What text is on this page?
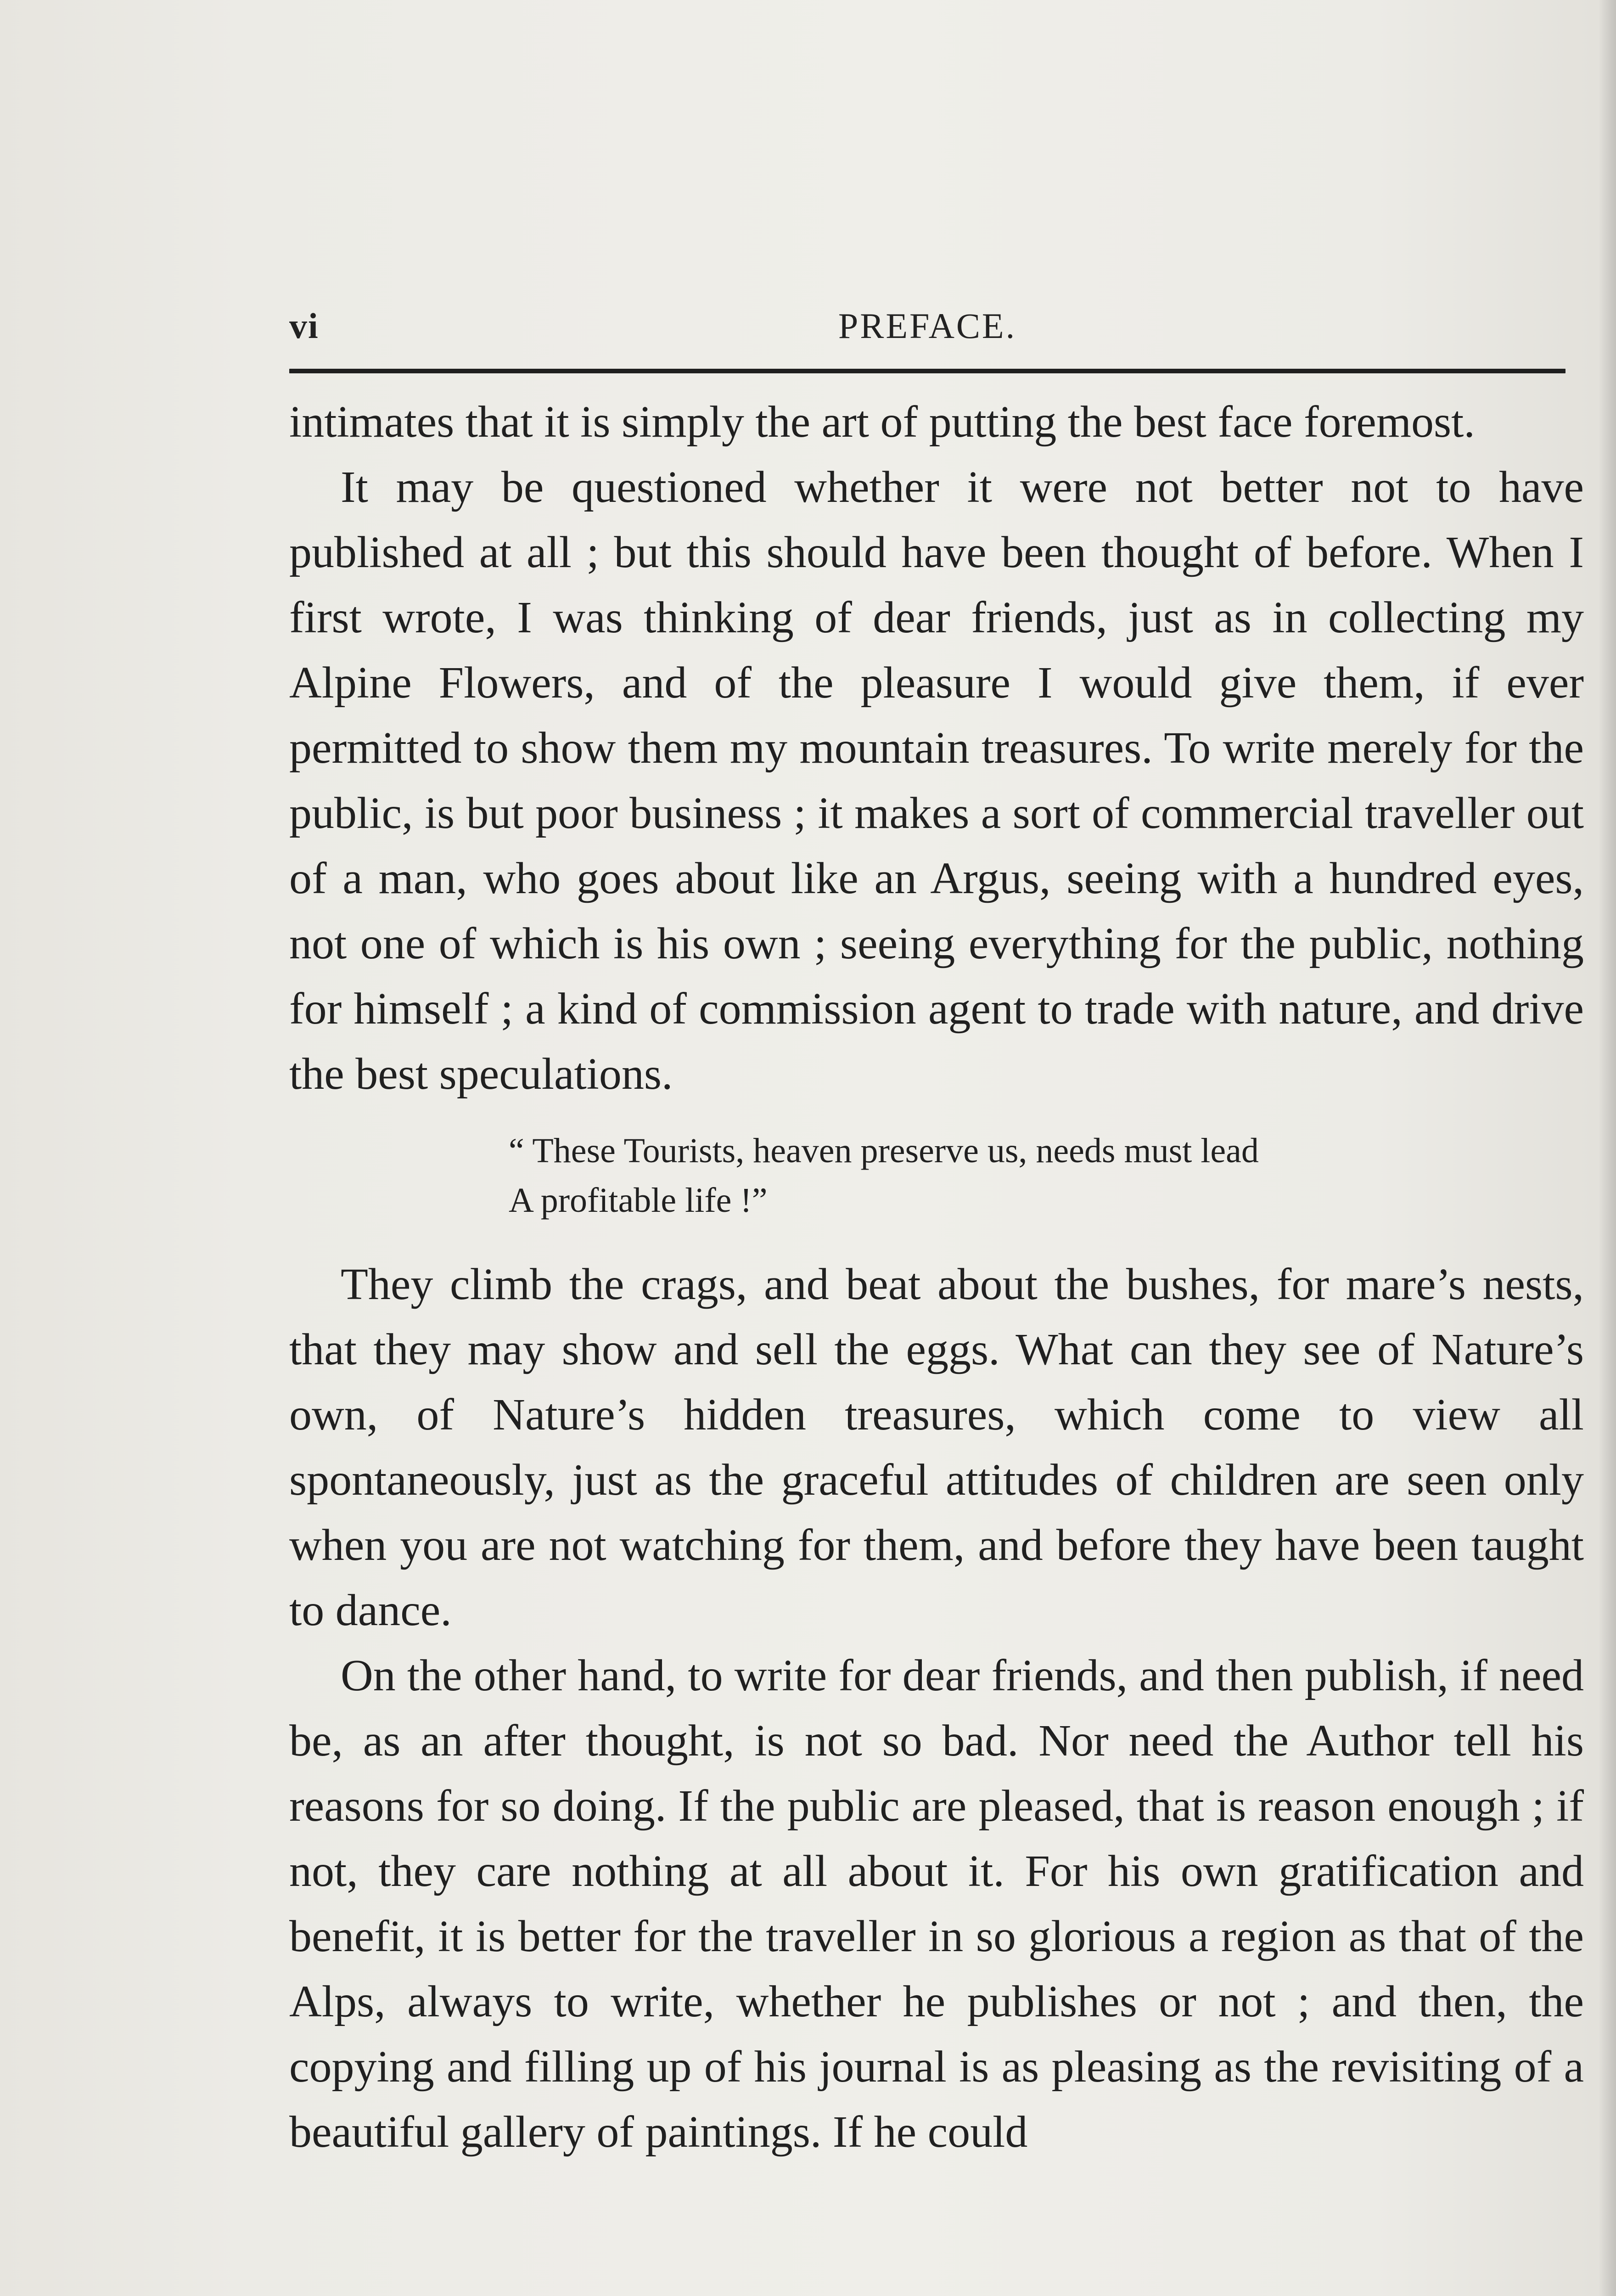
vi	PREFACE.

intimates that it is simply the art of putting the best face foremost.

It may be questioned whether it were not better not to have published at all ; but this should have been thought of before. When I first wrote, I was thinking of dear friends, just as in collecting my Alpine Flowers, and of the pleasure I would give them, if ever permitted to show them my mountain treasures. To write merely for the public, is but poor business ; it makes a sort of commercial traveller out of a man, who goes about like an Argus, seeing with a hundred eyes, not one of which is his own ; seeing everything for the public, nothing for himself ; a kind of commission agent to trade with nature, and drive the best speculations.

“ These Tourists, heaven preserve us, needs must lead

A profitable life !”

They climb the crags, and beat about the bushes, for mare’s nests, that they may show and sell the eggs. What can they see of Nature’s own, of Nature’s hidden treasures, which come to view all spontaneously, just as the graceful attitudes of children are seen only when you are not watching for them, and before they have been taught to dance.

On the other hand, to write for dear friends, and then publish, if need be, as an after thought, is not so bad. Nor need the Author tell his reasons for so doing. If the public are pleased, that is reason enough ; if not, they care nothing at all about it. For his own gratification and benefit, it is better for the traveller in so glorious a region as that of the Alps, always to write, whether he publishes or not ; and then, the copying and filling up of his journal is as pleasing as the revisiting of a beautiful gallery of paintings. If he could
